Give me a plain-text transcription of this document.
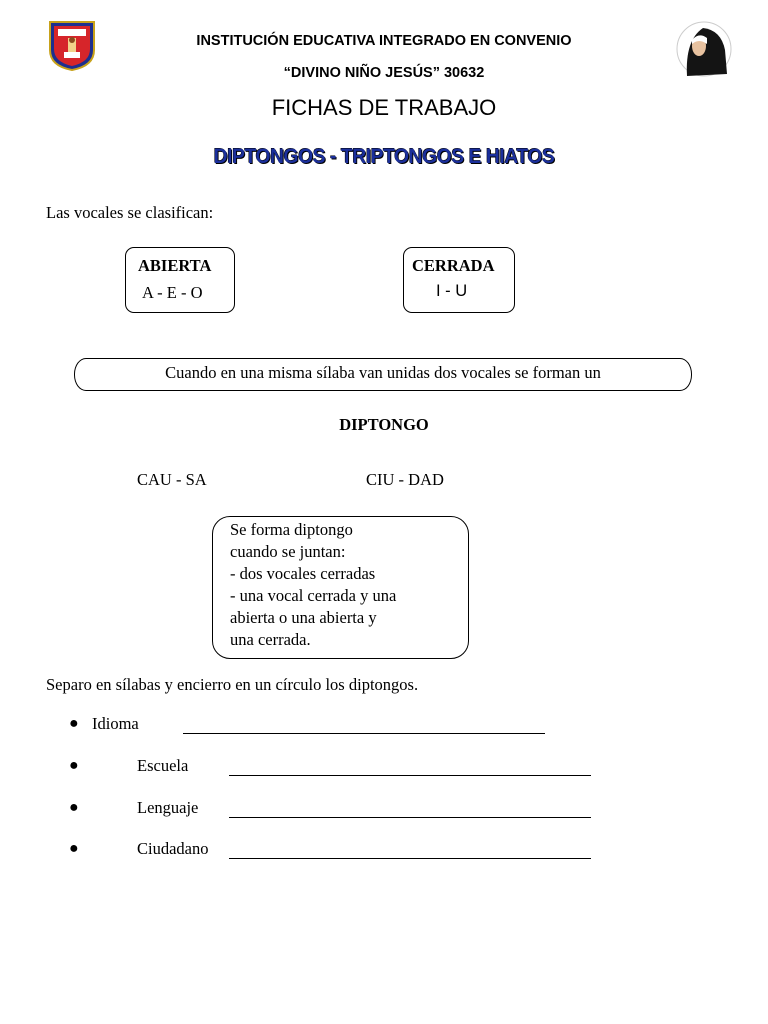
INSTITUCIÓN EDUCATIVA INTEGRADO EN CONVENIO
“DIVINO NIÑO JESÚS” 30632
FICHAS DE TRABAJO
DIPTONGOS - TRIPTONGOS E HIATOS
Las vocales se clasifican:
ABIERTA
A - E - O
CERRADA
I - U
Cuando en una misma sílaba van unidas dos vocales se forman un
DIPTONGO
CAU - SA	CIU - DAD
Se forma diptongo
cuando se juntan:
- dos vocales cerradas
- una vocal cerrada y una
abierta o una abierta y
una cerrada.
Separo en sílabas y encierro en un círculo los diptongos.
● Idioma
●	Escuela
●	Lenguaje
●	Ciudadano
